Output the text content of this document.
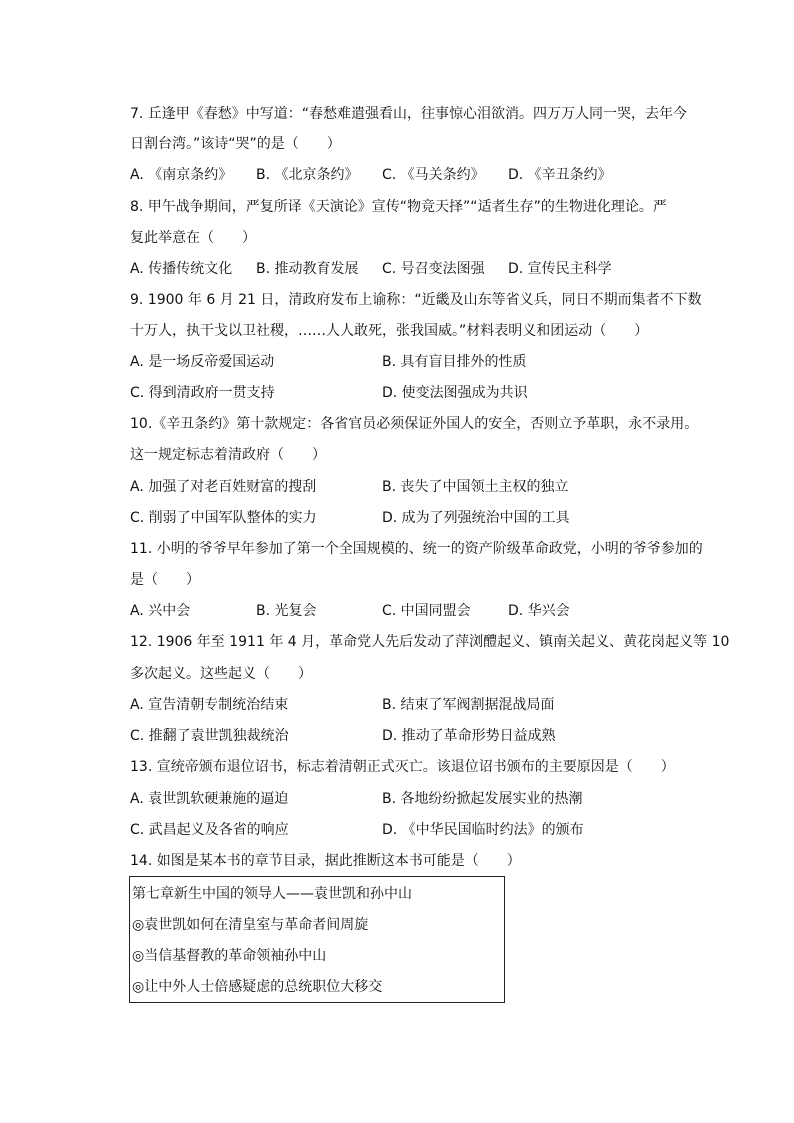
7. 丘逢甲《春愁》中写道：“春愁难遣强看山，往事惊心泪欲消。四万万人同一哭，去年今
日割台湾。”该诗“哭”的是（　　）
A. 《南京条约》 B. 《北京条约》 C. 《马关条约》 D. 《辛丑条约》
8. 甲午战争期间，严复所译《天演论》宣传“物竞天择”“适者生存”的生物进化理论。严
复此举意在（　　）
A. 传播传统文化 B. 推动教育发展 C. 号召变法图强 D. 宣传民主科学
9. 1900 年 6 月 21 日，清政府发布上谕称：“近畿及山东等省义兵，同日不期而集者不下数
十万人，执干戈以卫社稷，……人人敢死，张我国威。”材料表明义和团运动（　　）
A. 是一场反帝爱国运动	B. 具有盲目排外的性质
C. 得到清政府一贯支持	D. 使变法图强成为共识
10.《辛丑条约》第十款规定：各省官员必须保证外国人的安全，否则立予革职，永不录用。
这一规定标志着清政府（　　）
A. 加强了对老百姓财富的搜刮	B. 丧失了中国领土主权的独立
C. 削弱了中国军队整体的实力	D. 成为了列强统治中国的工具
11. 小明的爷爷早年参加了第一个全国规模的、统一的资产阶级革命政党，小明的爷爷参加的
是（　　）
A. 兴中会	B. 光复会	C. 中国同盟会	D. 华兴会
12. 1906 年至 1911 年 4 月，革命党人先后发动了萍浏醴起义、镇南关起义、黄花岗起义等 10
多次起义。这些起义（　　）
A. 宣告清朝专制统治结束	B. 结束了军阀割据混战局面
C. 推翻了袁世凯独裁统治	D. 推动了革命形势日益成熟
13. 宣统帝颁布退位诏书，标志着清朝正式灭亡。该退位诏书颁布的主要原因是（　　）
A. 袁世凯软硬兼施的逼迫	B. 各地纷纷掀起发展实业的热潮
C. 武昌起义及各省的响应	D. 《中华民国临时约法》的颁布
14. 如图是某本书的章节目录，据此推断这本书可能是（　　）
第七章新生中国的领导人——袁世凯和孙中山
◎袁世凯如何在清皇室与革命者间周旋
◎当信基督教的革命领袖孙中山
◎让中外人士倍感疑虑的总统职位大移交
